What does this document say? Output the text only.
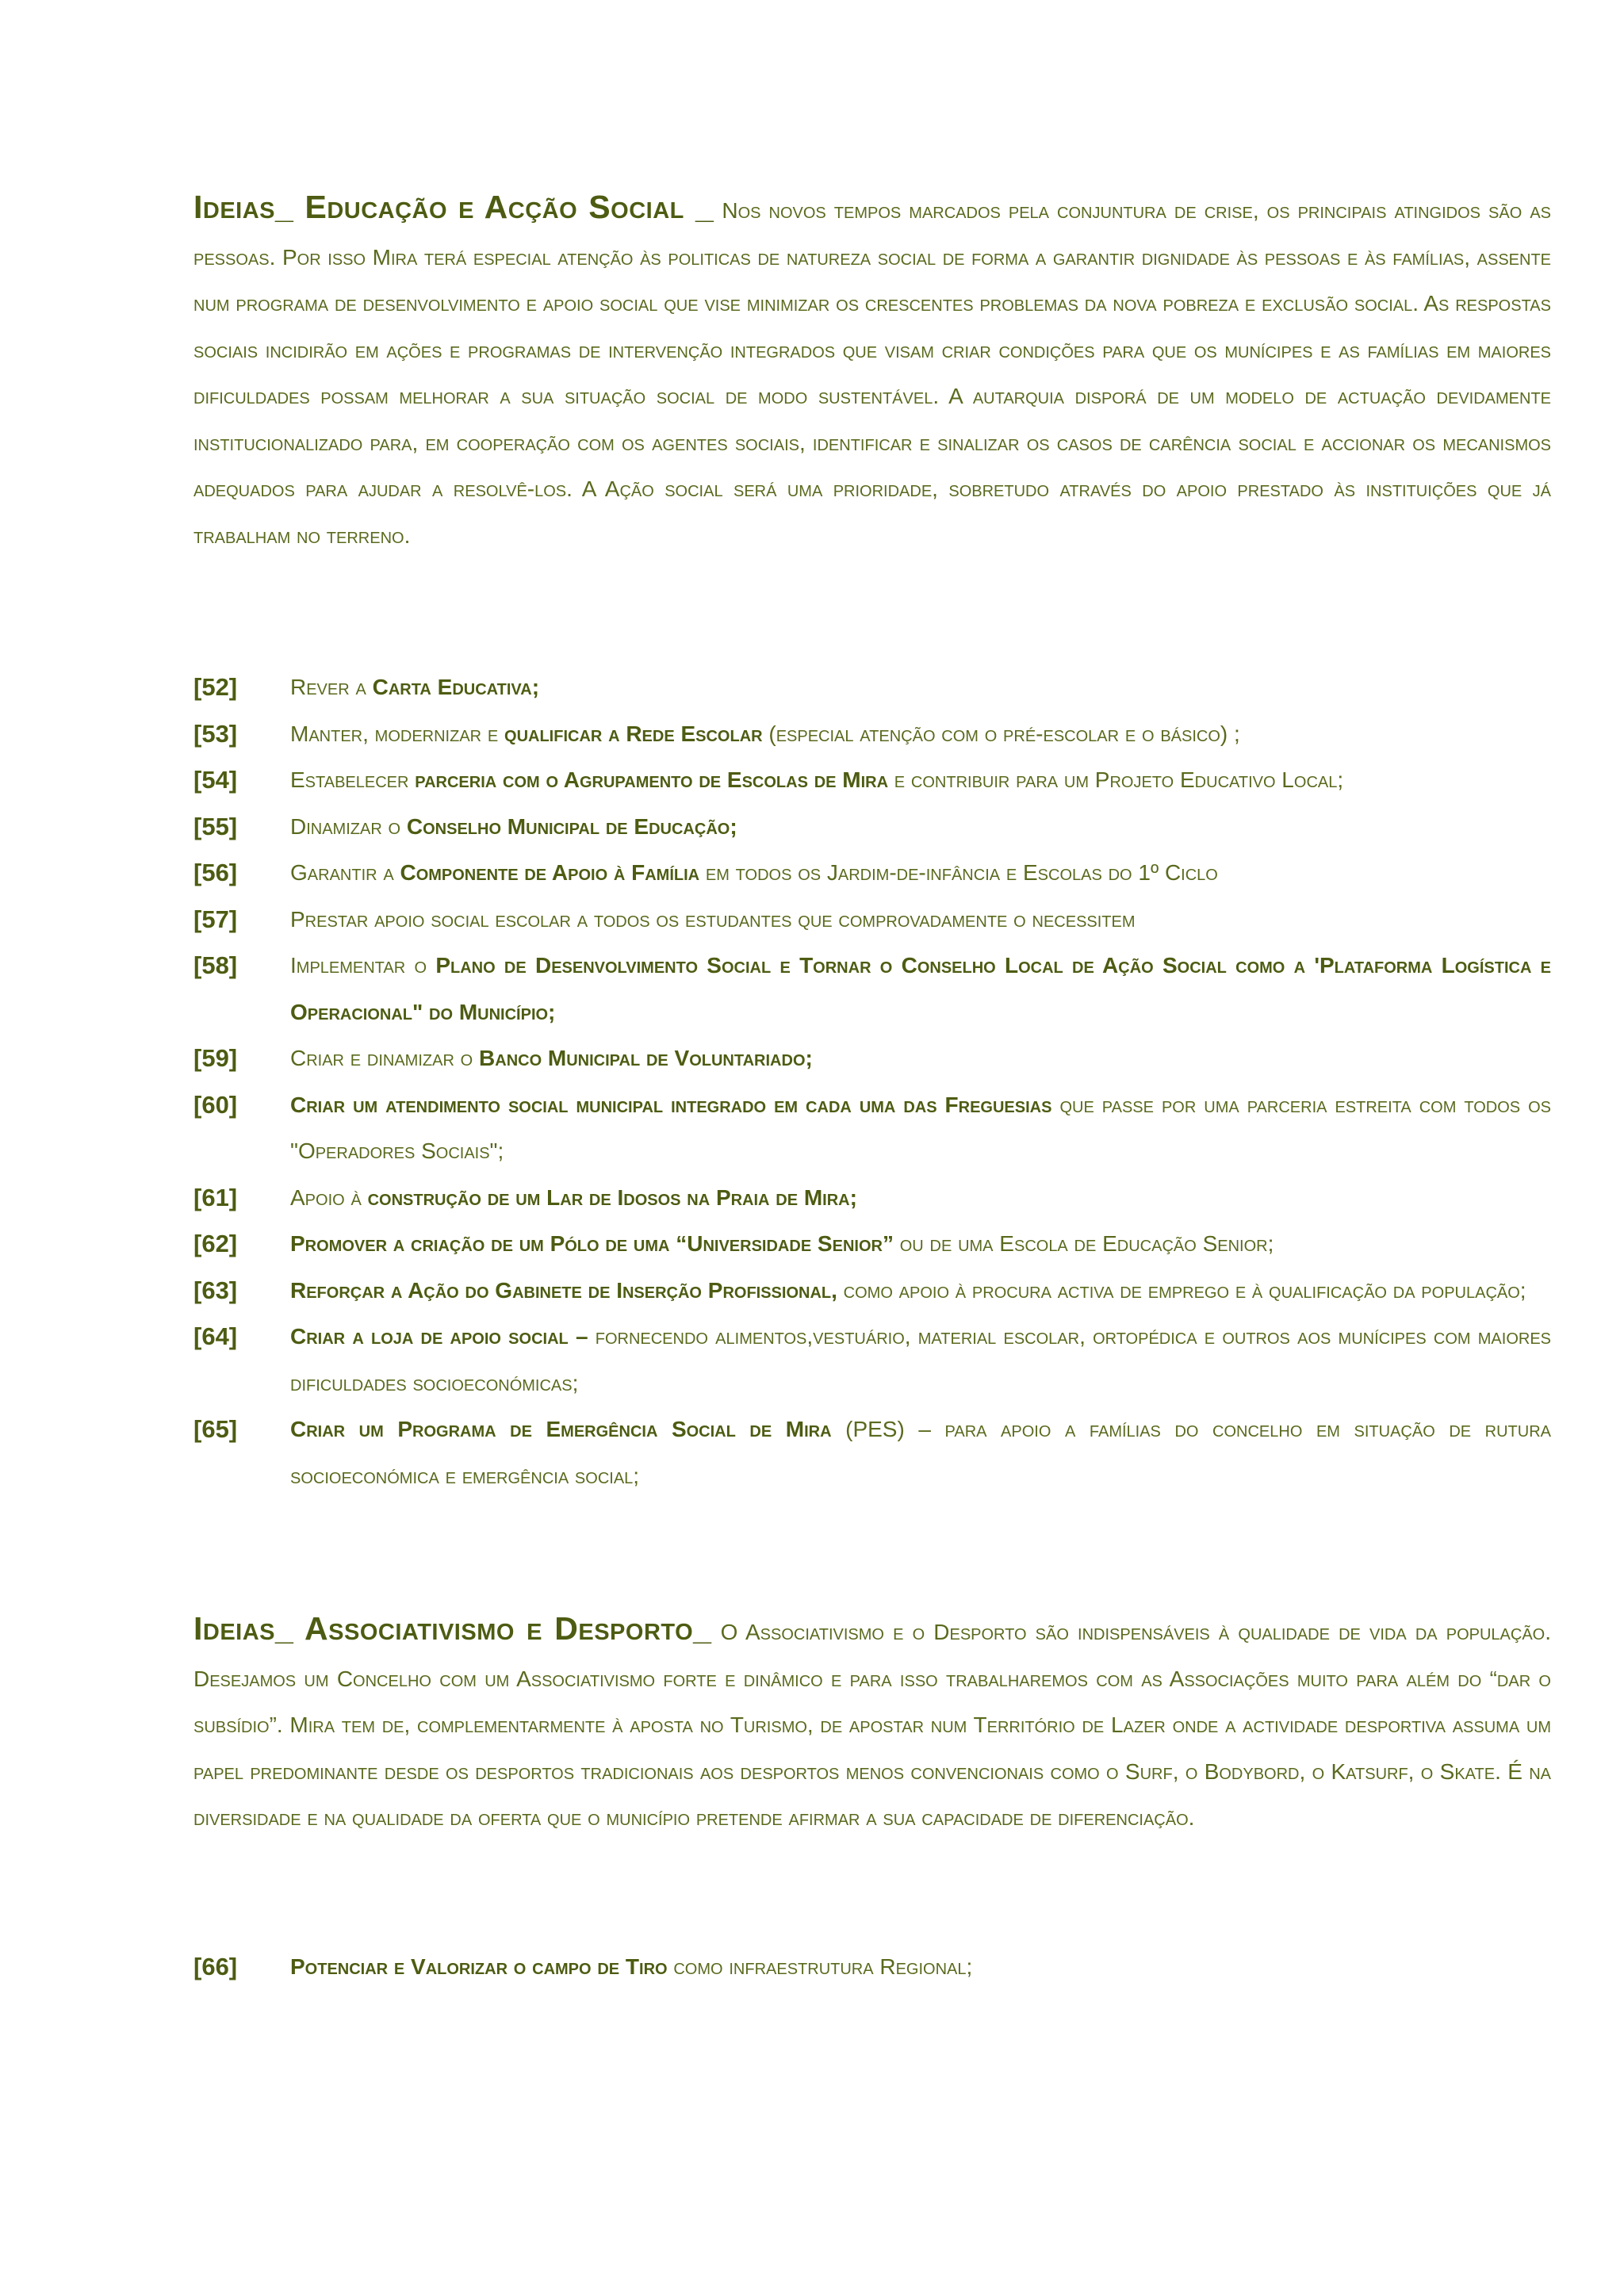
Ideias_ Educação e Acção Social _ Nos novos tempos marcados pela conjuntura de crise, os principais atingidos são as pessoas. Por isso Mira terá especial atenção às politicas de natureza social de forma a garantir dignidade às pessoas e às famílias, assente num programa de desenvolvimento e apoio social que vise minimizar os crescentes problemas da nova pobreza e exclusão social. As respostas sociais incidirão em ações e programas de intervenção integrados que visam criar condições para que os munícipes e as famílias em maiores dificuldades possam melhorar a sua situação social de modo sustentável. A autarquia disporá de um modelo de actuação devidamente institucionalizado para, em cooperação com os agentes sociais, identificar e sinalizar os casos de carência social e accionar os mecanismos adequados para ajudar a resolvê-los. A Ação social será uma prioridade, sobretudo através do apoio prestado às instituições que já trabalham no terreno.
[52] Rever a Carta Educativa;
[53] Manter, modernizar e qualificar a Rede Escolar (especial atenção com o pré-escolar e o básico) ;
[54] Estabelecer parceria com o Agrupamento de Escolas de Mira e contribuir para um Projeto Educativo Local;
[55] Dinamizar o Conselho Municipal de Educação;
[56] Garantir a Componente de Apoio à Família em todos os Jardim-de-infância e Escolas do 1º Ciclo
[57] Prestar apoio social escolar a todos os estudantes que comprovadamente o necessitem
[58] Implementar o Plano de Desenvolvimento Social e Tornar o Conselho Local de Ação Social como a 'Plataforma Logística e Operacional" do Município;
[59] Criar e dinamizar o Banco Municipal de Voluntariado;
[60] Criar um atendimento social municipal integrado em cada uma das Freguesias que passe por uma parceria estreita com todos os "Operadores Sociais";
[61] Apoio à construção de um Lar de Idosos na Praia de Mira;
[62] Promover a criação de um Pólo de uma “Universidade Senior” ou de uma Escola de Educação Senior;
[63] Reforçar a Ação do Gabinete de Inserção Profissional, como apoio à procura activa de emprego e à qualificação da população;
[64] Criar a loja de apoio social – fornecendo alimentos,vestuário, material escolar, ortopédica e outros aos munícipes com maiores dificuldades socioeconómicas;
[65] Criar um Programa de Emergência Social de Mira (PES) – para apoio a famílias do concelho em situação de rutura socioeconómica e emergência social;
Ideias_ Associativismo e Desporto_ O Associativismo e o Desporto são indispensáveis à qualidade de vida da população. Desejamos um Concelho com um Associativismo forte e dinâmico e para isso trabalharemos com as Associações muito para além do “dar o subsídio”. Mira tem de, complementarmente à aposta no Turismo, de apostar num Território de Lazer onde a actividade desportiva assuma um papel predominante desde os desportos tradicionais aos desportos menos convencionais como o Surf, o Bodybord, o Katsurf, o Skate. É na diversidade e na qualidade da oferta que o município pretende afirmar a sua capacidade de diferenciação.
[66] Potenciar e Valorizar o campo de Tiro como infraestrutura Regional;
